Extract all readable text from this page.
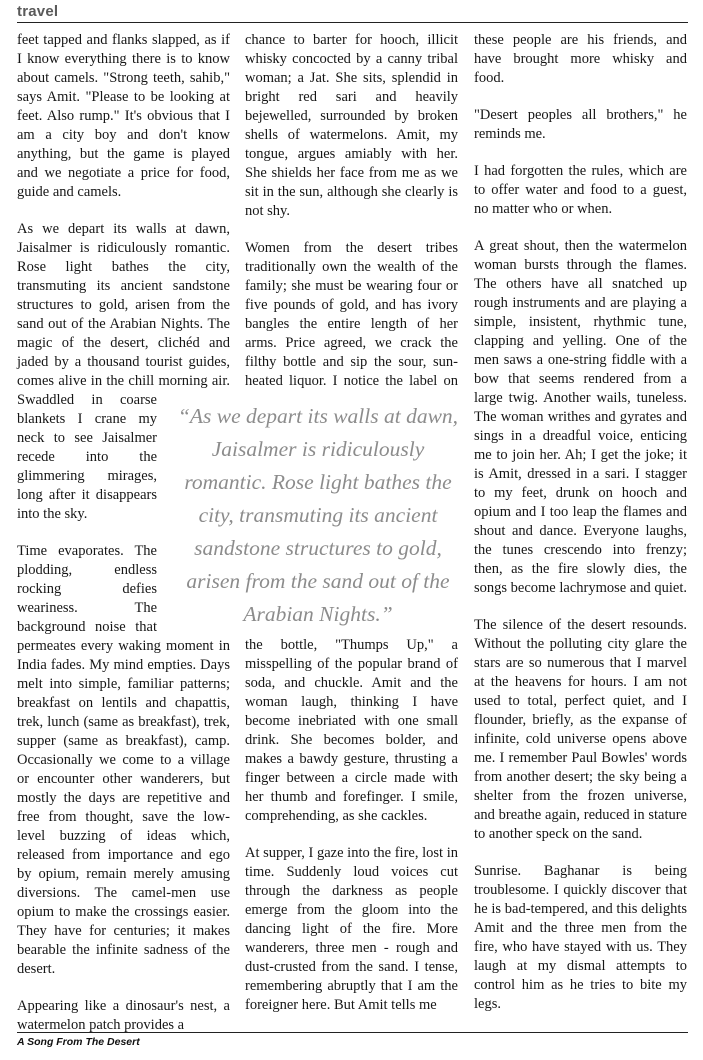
travel

feet tapped and flanks slapped, as if I know everything there is to know about camels. "Strong teeth, sahib," says Amit. "Please to be looking at feet. Also rump." It's obvious that I am a city boy and don't know anything, but the game is played and we negotiate a price for food, guide and camels.

As we depart its walls at dawn, Jaisalmer is ridiculously romantic. Rose light bathes the city, transmuting its ancient sandstone structures to gold, arisen from the sand out of the Arabian Nights. The magic of the desert, clichéd and jaded by a thousand tourist guides, comes alive in the chill morning air. Swaddled in coarse blankets I crane my neck to see Jaisalmer recede into the glimmering mirages, long after it disappears into the sky.

Time evaporates. The plodding, endless rocking defies weariness. The background noise that permeates every waking moment in India fades. My mind empties. Days melt into simple, familiar patterns; breakfast on lentils and chapattis, trek, lunch (same as breakfast), trek, supper (same as breakfast), camp. Occasionally we come to a village or encounter other wanderers, but mostly the days are repetitive and free from thought, save the low-level buzzing of ideas which, released from importance and ego by opium, remain merely amusing diversions. The camel-men use opium to make the crossings easier. They have for centuries; it makes bearable the infinite sadness of the desert.

Appearing like a dinosaur's nest, a watermelon patch provides a

chance to barter for hooch, illicit whisky concocted by a canny tribal woman; a Jat. She sits, splendid in bright red sari and heavily bejewelled, surrounded by broken shells of watermelons. Amit, my tongue, argues amiably with her. She shields her face from me as we sit in the sun, although she clearly is not shy.

Women from the desert tribes traditionally own the wealth of the family; she must be wearing four or five pounds of gold, and has ivory bangles the entire length of her arms. Price agreed, we crack the filthy bottle and sip the sour, sun-heated liquor. I notice the label on the bottle, "Thumps Up," a misspelling of the popular brand of soda, and chuckle. Amit and the woman laugh, thinking I have become inebriated with one small drink. She becomes bolder, and makes a bawdy gesture, thrusting a finger between a circle made with her thumb and forefinger. I smile, comprehending, as she cackles.

At supper, I gaze into the fire, lost in time. Suddenly loud voices cut through the darkness as people emerge from the gloom into the dancing light of the fire. More wanderers, three men - rough and dust-crusted from the sand. I tense, remembering abruptly that I am the foreigner here. But Amit tells me

these people are his friends, and have brought more whisky and food.

"Desert peoples all brothers," he reminds me.

I had forgotten the rules, which are to offer water and food to a guest, no matter who or when.

A great shout, then the watermelon woman bursts through the flames. The others have all snatched up rough instruments and are playing a simple, insistent, rhythmic tune, clapping and yelling. One of the men saws a one-string fiddle with a bow that seems rendered from a large twig. Another wails, tuneless. The woman writhes and gyrates and sings in a dreadful voice, enticing me to join her. Ah; I get the joke; it is Amit, dressed in a sari. I stagger to my feet, drunk on hooch and opium and I too leap the flames and shout and dance. Everyone laughs, the tunes crescendo into frenzy; then, as the fire slowly dies, the songs become lachrymose and quiet.

The silence of the desert resounds. Without the polluting city glare the stars are so numerous that I marvel at the heavens for hours. I am not used to total, perfect quiet, and I flounder, briefly, as the expanse of infinite, cold universe opens above me. I remember Paul Bowles' words from another desert; the sky being a shelter from the frozen universe, and breathe again, reduced in stature to another speck on the sand.

Sunrise. Baghanar is being troublesome. I quickly discover that he is bad-tempered, and this delights Amit and the three men from the fire, who have stayed with us. They laugh at my dismal attempts to control him as he tries to bite my legs.

“As we depart its walls at dawn, Jaisalmer is ridiculously romantic. Rose light bathes the city, transmuting its ancient sandstone structures to gold, arisen from the sand out of the Arabian Nights.”
A Song From The Desert
